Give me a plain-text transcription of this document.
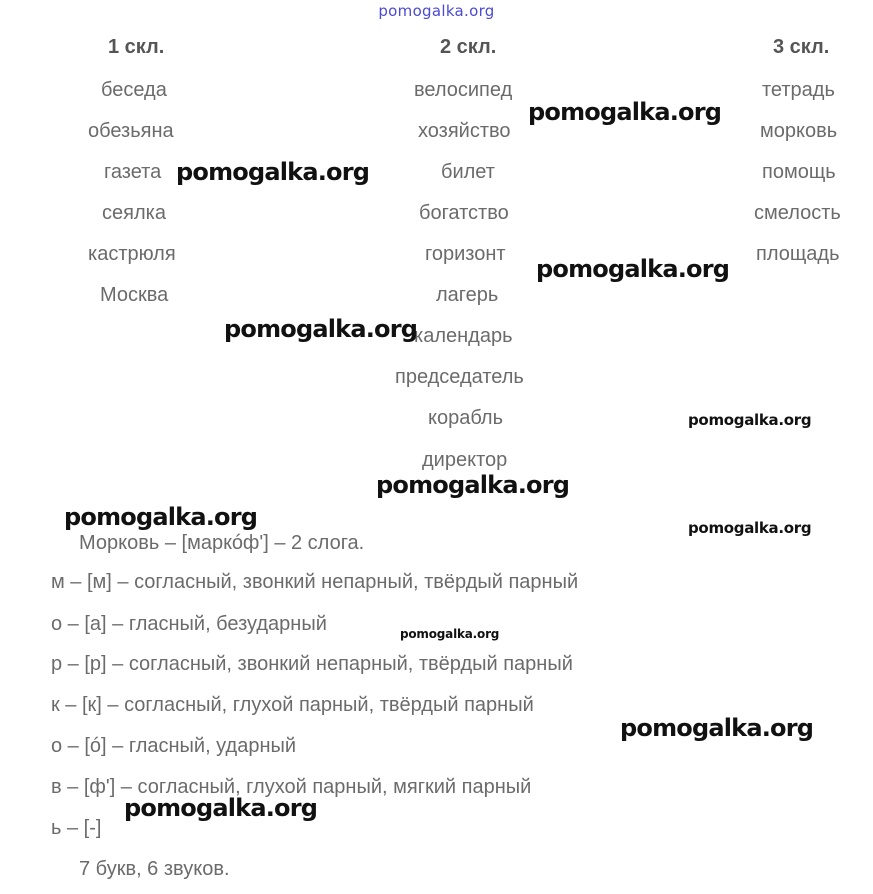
pomogalka.org
1 скл.
беседа
обезьяна
газета
сеялка
кастрюля
Москва
2 скл.
велосипед
хозяйство
билет
богатство
горизонт
лагерь
календарь
председатель
корабль
директор
3 скл.
тетрадь
морковь
помощь
смелость
площадь
Морковь – [маркóф'] – 2 слога.
м – [м] – согласный, звонкий непарный, твёрдый парный
о – [а] – гласный, безударный
р – [р] – согласный, звонкий непарный, твёрдый парный
к – [к] – согласный, глухой парный, твёрдый парный
о – [ó] – гласный, ударный
в – [ф'] – согласный, глухой парный, мягкий парный
ь – [-]
7 букв, 6 звуков.
pomogalka.org
pomogalka.org
pomogalka.org
pomogalka.org
pomogalka.org
pomogalka.org
pomogalka.org	pomogalka.org
pomogalka.org
pomogalka.org
pomogalka.org
